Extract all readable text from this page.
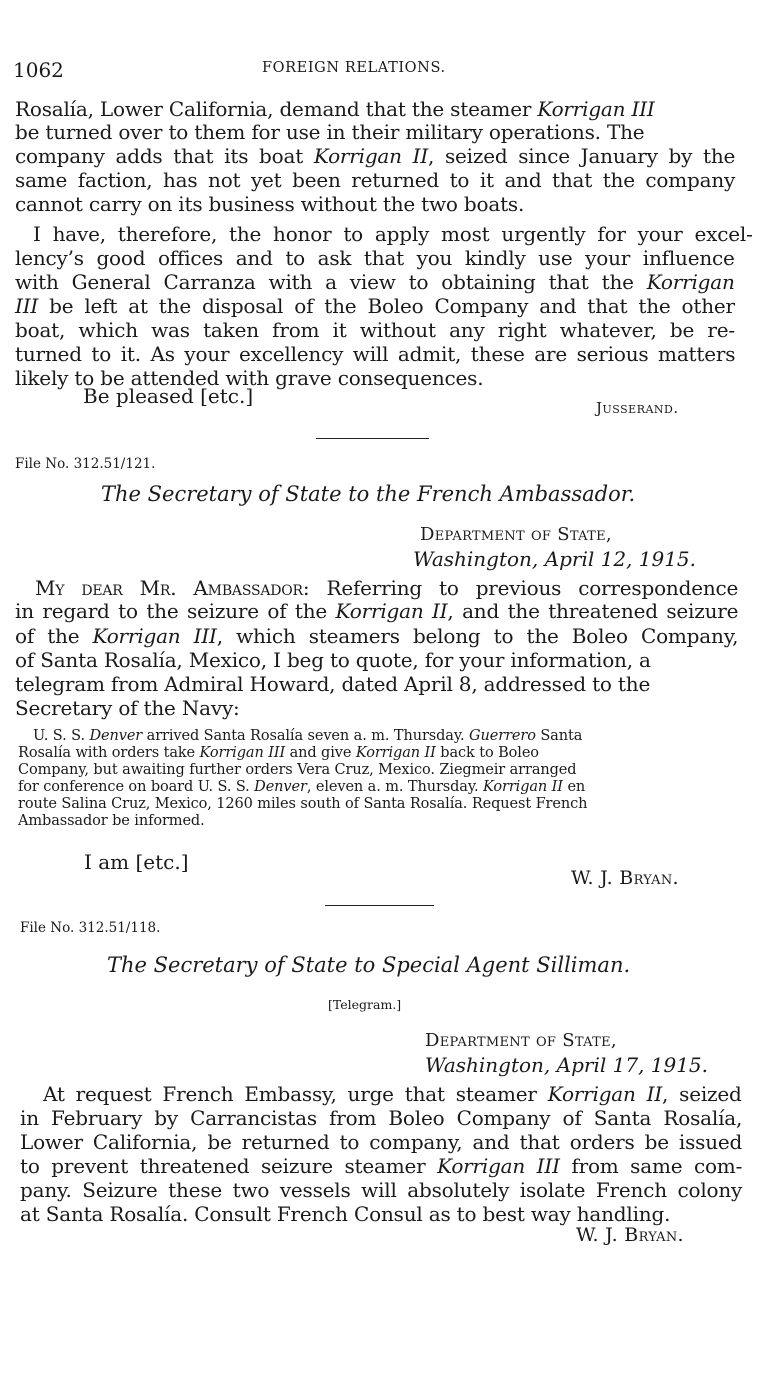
1062	FOREIGN RELATIONS.
Rosalía, Lower California, demand that the steamer Korrigan III
be turned over to them for use in their military operations. The
company adds that its boat Korrigan II, seized since January by the
same faction, has not yet been returned to it and that the company
cannot carry on its business without the two boats.
I have, therefore, the honor to apply most urgently for your excel-
lency’s good offices and to ask that you kindly use your influence
with General Carranza with a view to obtaining that the Korrigan
III be left at the disposal of the Boleo Company and that the other
boat, which was taken from it without any right whatever, be re-
turned to it. As your excellency will admit, these are serious matters
likely to be attended with grave consequences.
Be pleased [etc.]	Jusserand.
File No. 312.51/121.
The Secretary of State to the French Ambassador.
Department of State,
Washington, April 12, 1915.
My dear Mr. Ambassador: Referring to previous correspondence
in regard to the seizure of the Korrigan II, and the threatened seizure
of the Korrigan III, which steamers belong to the Boleo Company,
of Santa Rosalía, Mexico, I beg to quote, for your information, a
telegram from Admiral Howard, dated April 8, addressed to the
Secretary of the Navy:
U. S. S. Denver arrived Santa Rosalía seven a. m. Thursday. Guerrero Santa
Rosalía with orders take Korrigan III and give Korrigan II back to Boleo
Company, but awaiting further orders Vera Cruz, Mexico. Ziegmeir arranged
for conference on board U. S. S. Denver, eleven a. m. Thursday. Korrigan II en
route Salina Cruz, Mexico, 1260 miles south of Santa Rosalía. Request French
Ambassador be informed.
I am [etc.]
W. J. Bryan.
File No. 312.51/118.
The Secretary of State to Special Agent Silliman.
[Telegram.]
Department of State,
Washington, April 17, 1915.
At request French Embassy, urge that steamer Korrigan II, seized
in February by Carrancistas from Boleo Company of Santa Rosalía,
Lower California, be returned to company, and that orders be issued
to prevent threatened seizure steamer Korrigan III from same com-
pany. Seizure these two vessels will absolutely isolate French colony
at Santa Rosalía. Consult French Consul as to best way handling.
W. J. Bryan.
